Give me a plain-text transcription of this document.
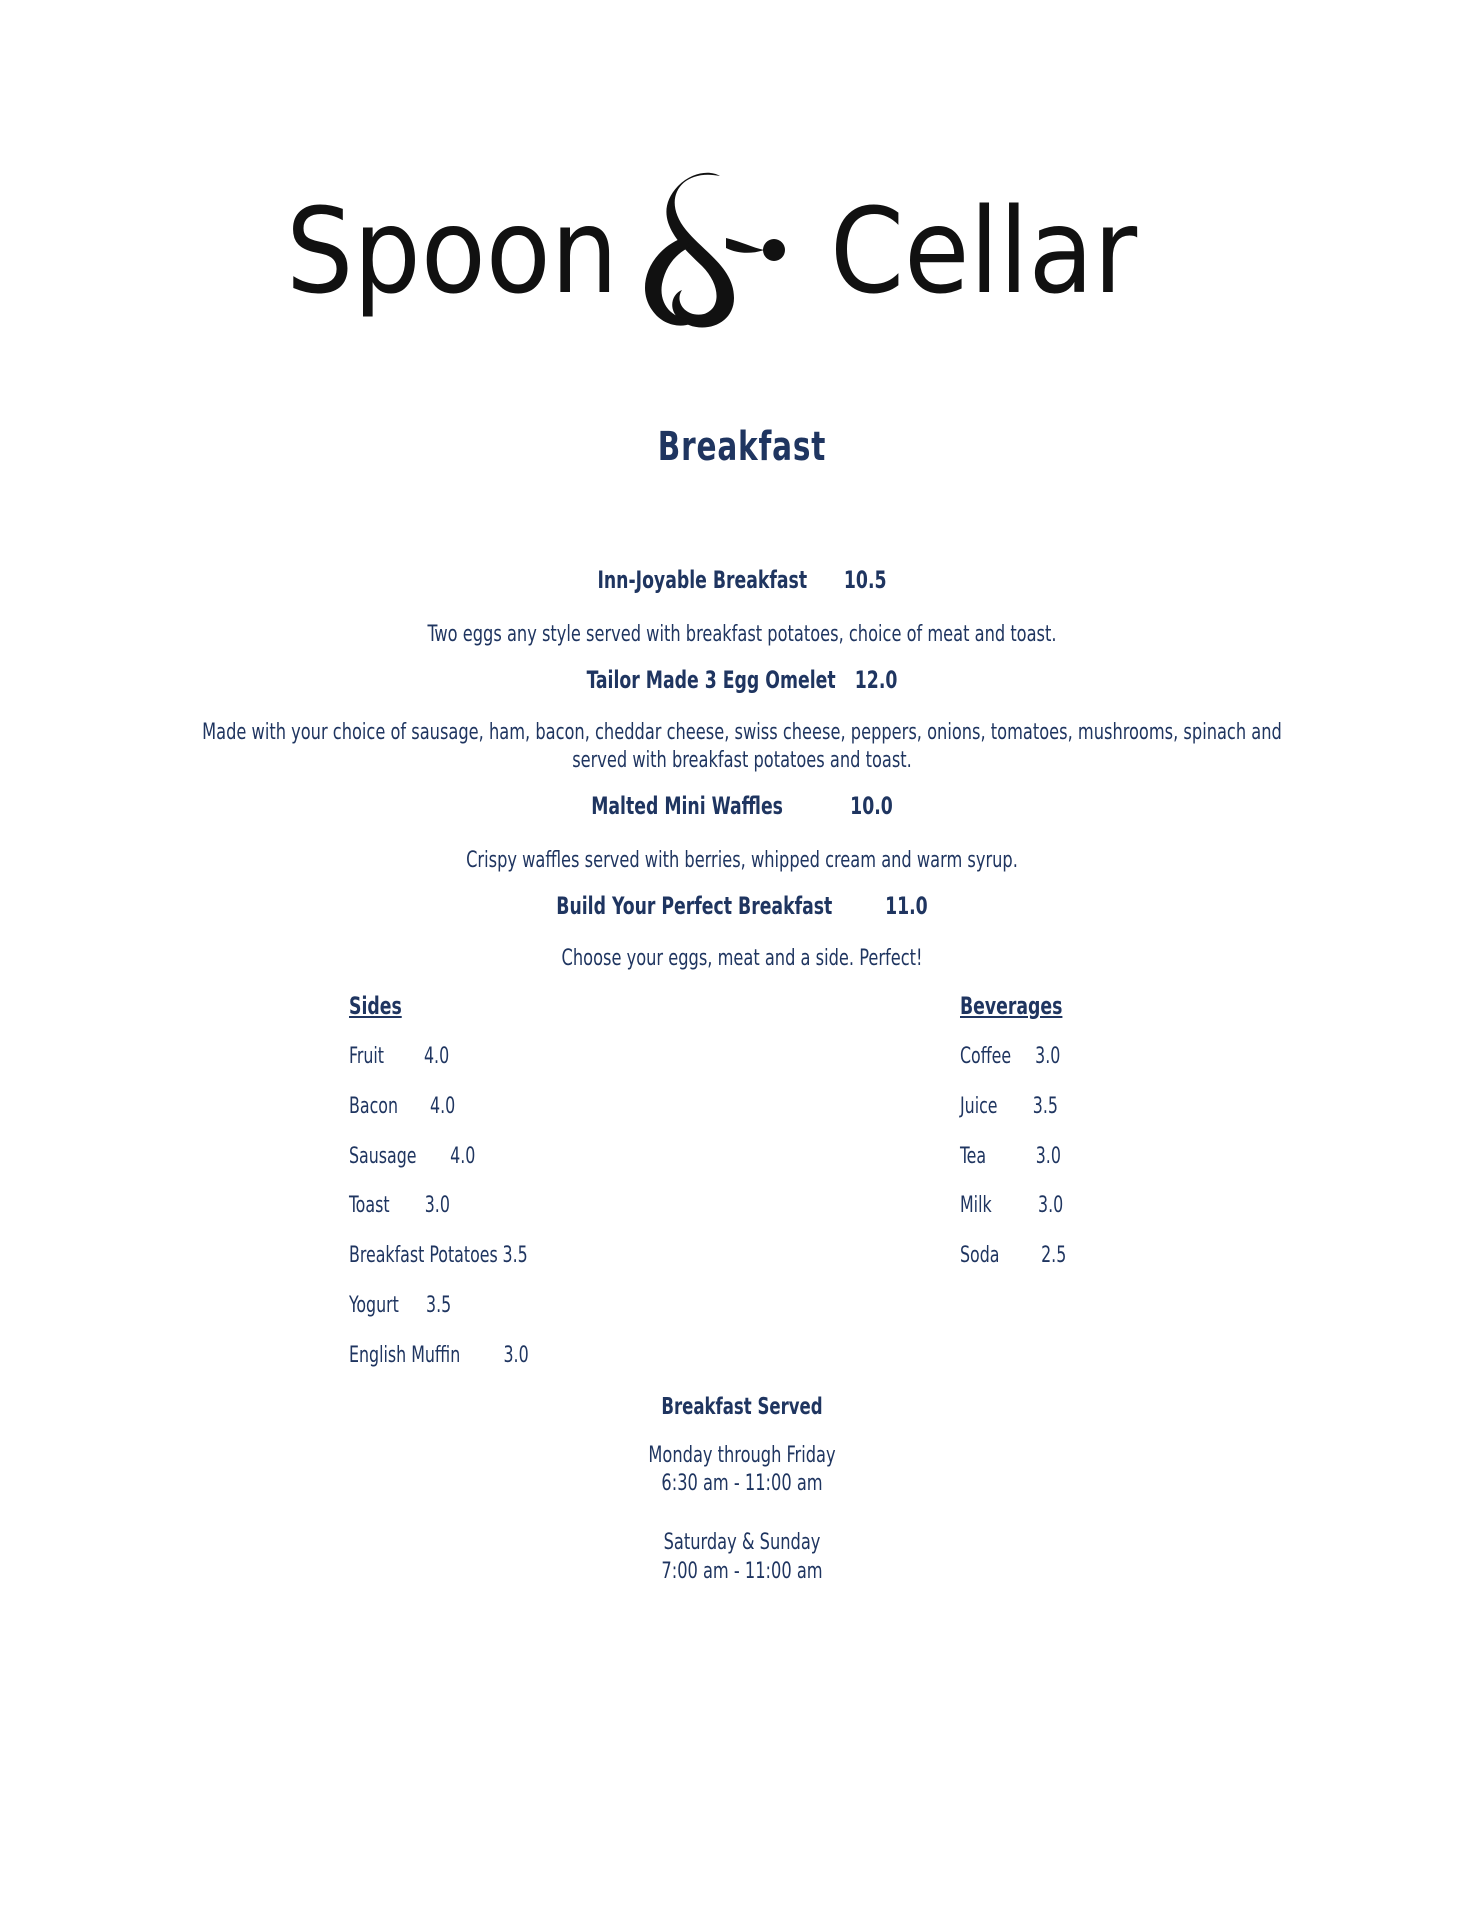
Spoon Cellar
Breakfast
Inn-Joyable Breakfast 10.5
Two eggs any style served with breakfast potatoes, choice of meat and toast.
Tailor Made 3 Egg Omelet 12.0
Made with your choice of sausage, ham, bacon, cheddar cheese, swiss cheese, peppers, onions, tomatoes, mushrooms, spinach and
served with breakfast potatoes and toast.
Malted Mini Waffles	10.0
Crispy waffles served with berries, whipped cream and warm syrup.
Build Your Perfect Breakfast 11.0
Choose your eggs, meat and a side. Perfect!
Sides
Fruit 4.0
Bacon 4.0
Sausage 4.0
Toast 3.0
Breakfast Potatoes 3.5
Yogurt 3.5
English Muffin 3.0
Beverages
Coffee 3.0
Juice 3.5
Tea 3.0
Milk 3.0
Soda 2.5
Breakfast Served
Monday through Friday
6:30 am - 11:00 am
Saturday & Sunday
7:00 am - 11:00 am
